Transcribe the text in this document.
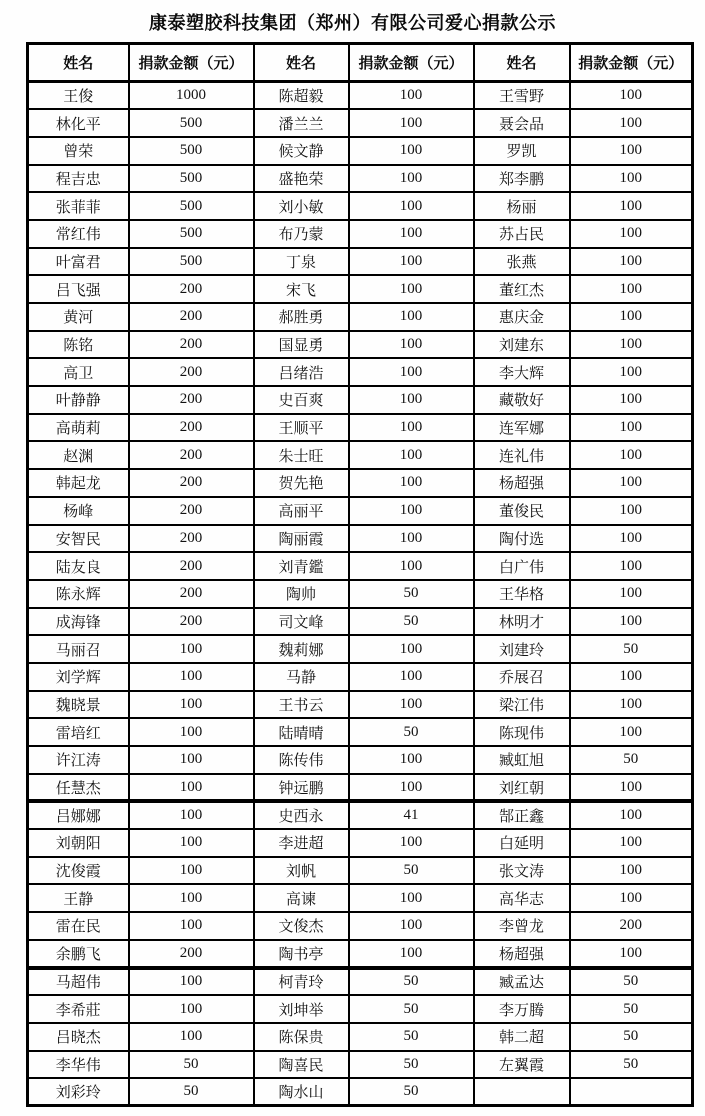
康泰塑胶科技集团（郑州）有限公司爱心捐款公示
姓名	捐款金额（元）	姓名	捐款金额（元）	姓名	捐款金额（元）
王俊	1000	陈超毅	100	王雪野	100
林化平	500	潘兰兰	100	聂会品	100
曾荣	500	候文静	100	罗凯	100
程吉忠	500	盛艳荣	100	郑李鹏	100
张菲菲	500	刘小敏	100	杨丽	100
常红伟	500	布乃蒙	100	苏占民	100
叶富君	500	丁泉	100	张燕	100
吕飞强	200	宋飞	100	董红杰	100
黄河	200	郝胜勇	100	惠庆金	100
陈铭	200	国显勇	100	刘建东	100
高卫	200	吕绪浩	100	李大辉	100
叶静静	200	史百爽	100	藏敬好	100
高萌莉	200	王顺平	100	连军娜	100
赵渊	200	朱士旺	100	连礼伟	100
韩起龙	200	贺先艳	100	杨超强	100
杨峰	200	高丽平	100	董俊民	100
安智民	200	陶丽霞	100	陶付选	100
陆友良	200	刘青鑑	100	白广伟	100
陈永辉	200	陶帅	50	王华格	100
成海锋	200	司文峰	50	林明才	100
马丽召	100	魏莉娜	100	刘建玲	50
刘学辉	100	马静	100	乔展召	100
魏晓景	100	王书云	100	梁江伟	100
雷培红	100	陆晴晴	50	陈现伟	100
许江涛	100	陈传伟	100	臧虹旭	50
任慧杰	100	钟远鹏	100	刘红朝	100
吕娜娜	100	史西永	41	郜正鑫	100
刘朝阳	100	李进超	100	白延明	100
沈俊霞	100	刘帆	50	张文涛	100
王静	100	高谏	100	高华志	100
雷在民	100	文俊杰	100	李曾龙	200
余鹏飞	200	陶书亭	100	杨超强	100
马超伟	100	柯青玲	50	臧孟达	50
李希莊	100	刘坤举	50	李万腾	50
吕晓杰	100	陈保贵	50	韩二超	50
李华伟	50	陶喜民	50	左翼霞	50
刘彩玲	50	陶水山	50		
